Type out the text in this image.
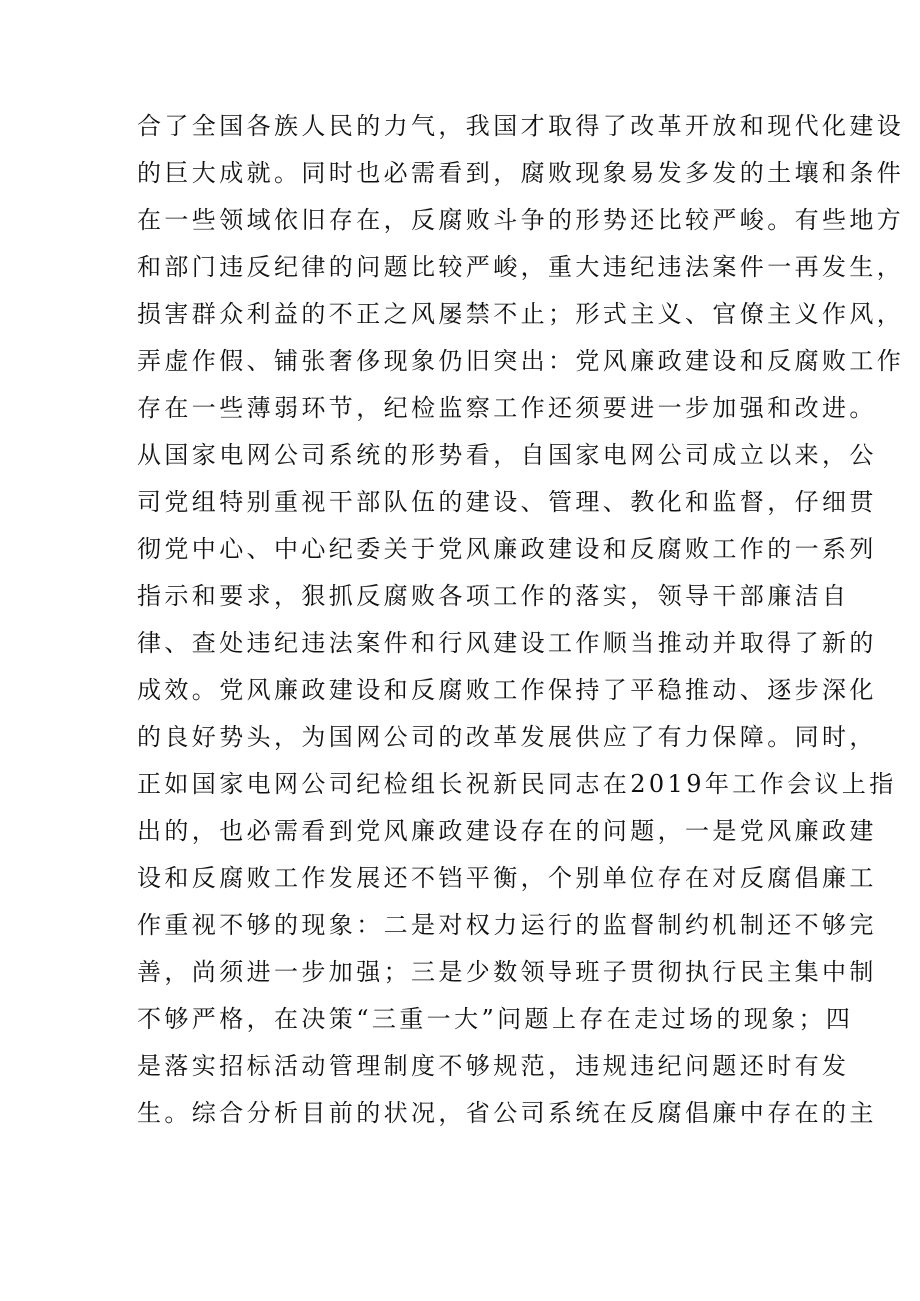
合了全国各族人民的力气，我国才取得了改革开放和现代化建设

的巨大成就。同时也必需看到，腐败现象易发多发的土壤和条件

在一些领域依旧存在，反腐败斗争的形势还比较严峻。有些地方

和部门违反纪律的问题比较严峻，重大违纪违法案件一再发生，

损害群众利益的不正之风屡禁不止；形式主义、官僚主义作风，

弄虚作假、铺张奢侈现象仍旧突出：党风廉政建设和反腐败工作

存在一些薄弱环节，纪检监察工作还须要进一步加强和改进。

从国家电网公司系统的形势看，自国家电网公司成立以来，公

司党组特别重视干部队伍的建设、管理、教化和监督，仔细贯

彻党中心、中心纪委关于党风廉政建设和反腐败工作的一系列

指示和要求，狠抓反腐败各项工作的落实，领导干部廉洁自

律、查处违纪违法案件和行风建设工作顺当推动并取得了新的

成效。党风廉政建设和反腐败工作保持了平稳推动、逐步深化

的良好势头，为国网公司的改革发展供应了有力保障。同时，

正如国家电网公司纪检组长祝新民同志在2019年工作会议上指

出的，也必需看到党风廉政建设存在的问题，一是党风廉政建

设和反腐败工作发展还不铛平衡，个别单位存在对反腐倡廉工

作重视不够的现象：二是对权力运行的监督制约机制还不够完

善，尚须进一步加强；三是少数领导班子贯彻执行民主集中制

不够严格，在决策“三重一大”问题上存在走过场的现象；四

是落实招标活动管理制度不够规范，违规违纪问题还时有发

生。综合分析目前的状况，省公司系统在反腐倡廉中存在的主
